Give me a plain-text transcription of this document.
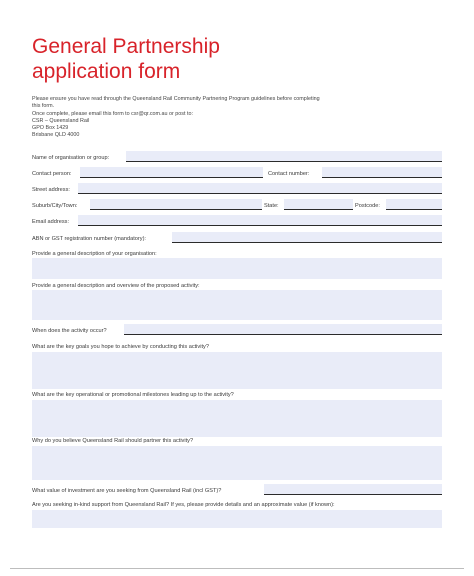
General Partnership
application form
Please ensure you have read through the Queensland Rail Community Partnering Program guidelines before completing
this form.
Once complete, please email this form to csr@qr.com.au or post to:
CSR – Queensland Rail
GPO Box 1429
Brisbane QLD 4000
Name of organisation or group:
Contact person:	Contact number:
Street address:
Suburb/City/Town:	State:	Postcode:
Email address:
ABN or GST registration number (mandatory):
Provide a general description of your organisation:
Provide a general description and overview of the proposed activity:
When does the activity occur?
What are the key goals you hope to achieve by conducting this activity?
What are the key operational or promotional milestones leading up to the activity?
Why do you believe Queensland Rail should partner this activity?
What value of investment are you seeking from Queensland Rail (incl GST)?
Are you seeking in-kind support from Queensland Rail? If yes, please provide details and an approximate value (if known):
